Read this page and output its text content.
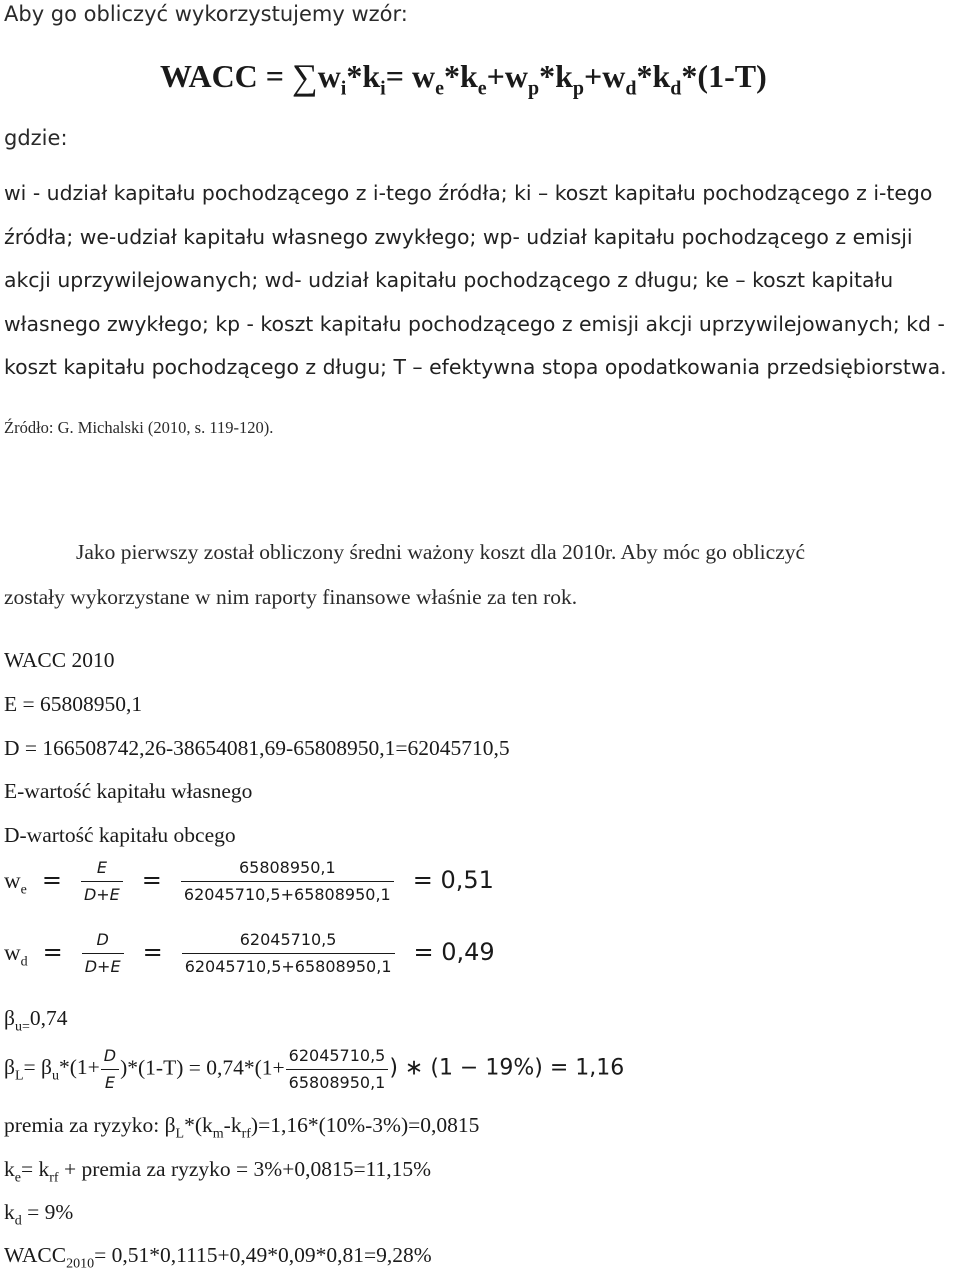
Aby go obliczyć wykorzystujemy wzór:
WACC = $\sum w_i*k_i= w_e*k_e+w_p*k_p+w_d*k_d*(1-T)$
gdzie:

wi - udział kapitału pochodzącego z i-tego źródła; ki – koszt kapitału pochodzącego z i-tego

źródła; we-udział kapitału własnego zwykłego; wp- udział kapitału pochodzącego z emisji

akcji uprzywilejowanych; wd- udział kapitału pochodzącego z długu; ke – koszt kapitału

własnego zwykłego; kp - koszt kapitału pochodzącego z emisji akcji uprzywilejowanych; kd -

koszt kapitału pochodzącego z długu; T – efektywna stopa opodatkowania przedsiębiorstwa.

Źródło: G. Michalski (2010, s. 119-120).
Jako pierwszy został obliczony średni ważony koszt dla 2010r. Aby móc go obliczyć
zostały wykorzystane w nim raporty finansowe właśnie za ten rok.
WACC 2010
E = 65808950,1
D = 166508742,26-38654081,69-65808950,1=62045710,5
E-wartość kapitału własnego
D-wartość kapitału obcego
$w_e = \frac{E}{D+E} = \frac{65808950,1}{62045710,5+65808950,1} = 0,51$
$w_d = \frac{D}{D+E} = \frac{62045710,5}{62045710,5+65808950,1} = 0,49$
$\beta_{u=}0,74$
$\beta_L= \beta_u*(1+ \frac{D}{E} )*(1-T) = 0,74*(1+ \frac{62045710,5}{65808950,1}$ ) ∗ (1 − 19%) = 1,16
premia za ryzyko: $\beta_L*(k_m-k_{rf})=1,16*(10\%-3\%)=0,0815$
$k_e= k_{rf}$ + premia za ryzyko = 3%+0,0815=11,15%
$k_d = 9\%$
$WACC_{2010}= 0,51*0,1115+0,49*0,09*0,81=9,28\%$
